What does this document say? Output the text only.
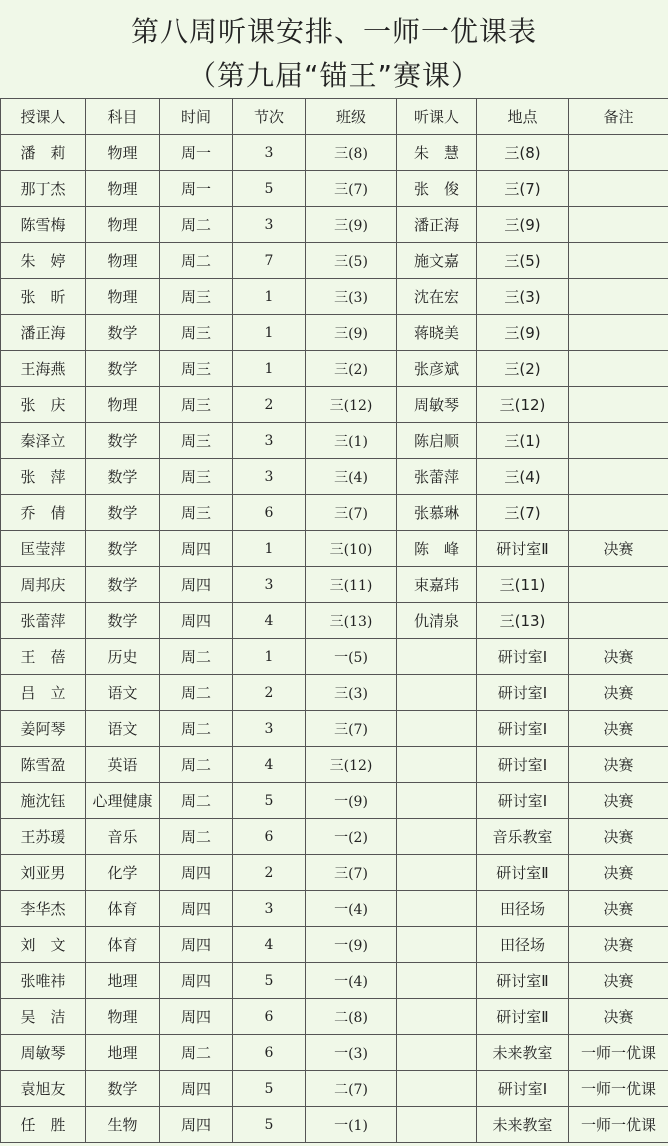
第八周听课安排、一师一优课表
（第九届“锚王”赛课）
授课人	科目	时间	节次	班级	听课人	地点	备注
潘　莉	物理	周一	3	三(8)	朱　慧	三(8)	
那丁杰	物理	周一	5	三(7)	张　俊	三(7)	
陈雪梅	物理	周二	3	三(9)	潘正海	三(9)	
朱　婷	物理	周二	7	三(5)	施文嘉	三(5)	
张　昕	物理	周三	1	三(3)	沈在宏	三(3)	
潘正海	数学	周三	1	三(9)	蒋晓美	三(9)	
王海燕	数学	周三	1	三(2)	张彦斌	三(2)	
张　庆	物理	周三	2	三(12)	周敏琴	三(12)	
秦泽立	数学	周三	3	三(1)	陈启顺	三(1)	
张　萍	数学	周三	3	三(4)	张蕾萍	三(4)	
乔　倩	数学	周三	6	三(7)	张慕琳	三(7)	
匡莹萍	数学	周四	1	三(10)	陈　峰	研讨室Ⅱ	决赛
周邦庆	数学	周四	3	三(11)	束嘉玮	三(11)	
张蕾萍	数学	周四	4	三(13)	仇清泉	三(13)	
王　蓓	历史	周二	1	一(5)		研讨室Ⅰ	决赛
吕　立	语文	周二	2	三(3)		研讨室Ⅰ	决赛
姜阿琴	语文	周二	3	三(7)		研讨室Ⅰ	决赛
陈雪盈	英语	周二	4	三(12)		研讨室Ⅰ	决赛
施沈钰	心理健康	周二	5	一(9)		研讨室Ⅰ	决赛
王苏瑗	音乐	周二	6	一(2)		音乐教室	决赛
刘亚男	化学	周四	2	三(7)		研讨室Ⅱ	决赛
李华杰	体育	周四	3	一(4)		田径场	决赛
刘　文	体育	周四	4	一(9)		田径场	决赛
张唯祎	地理	周四	5	一(4)		研讨室Ⅱ	决赛
吴　洁	物理	周四	6	二(8)		研讨室Ⅱ	决赛
周敏琴	地理	周二	6	一(3)		未来教室	一师一优课
袁旭友	数学	周四	5	二(7)		研讨室Ⅰ	一师一优课
任　胜	生物	周四	5	一(1)		未来教室	一师一优课
